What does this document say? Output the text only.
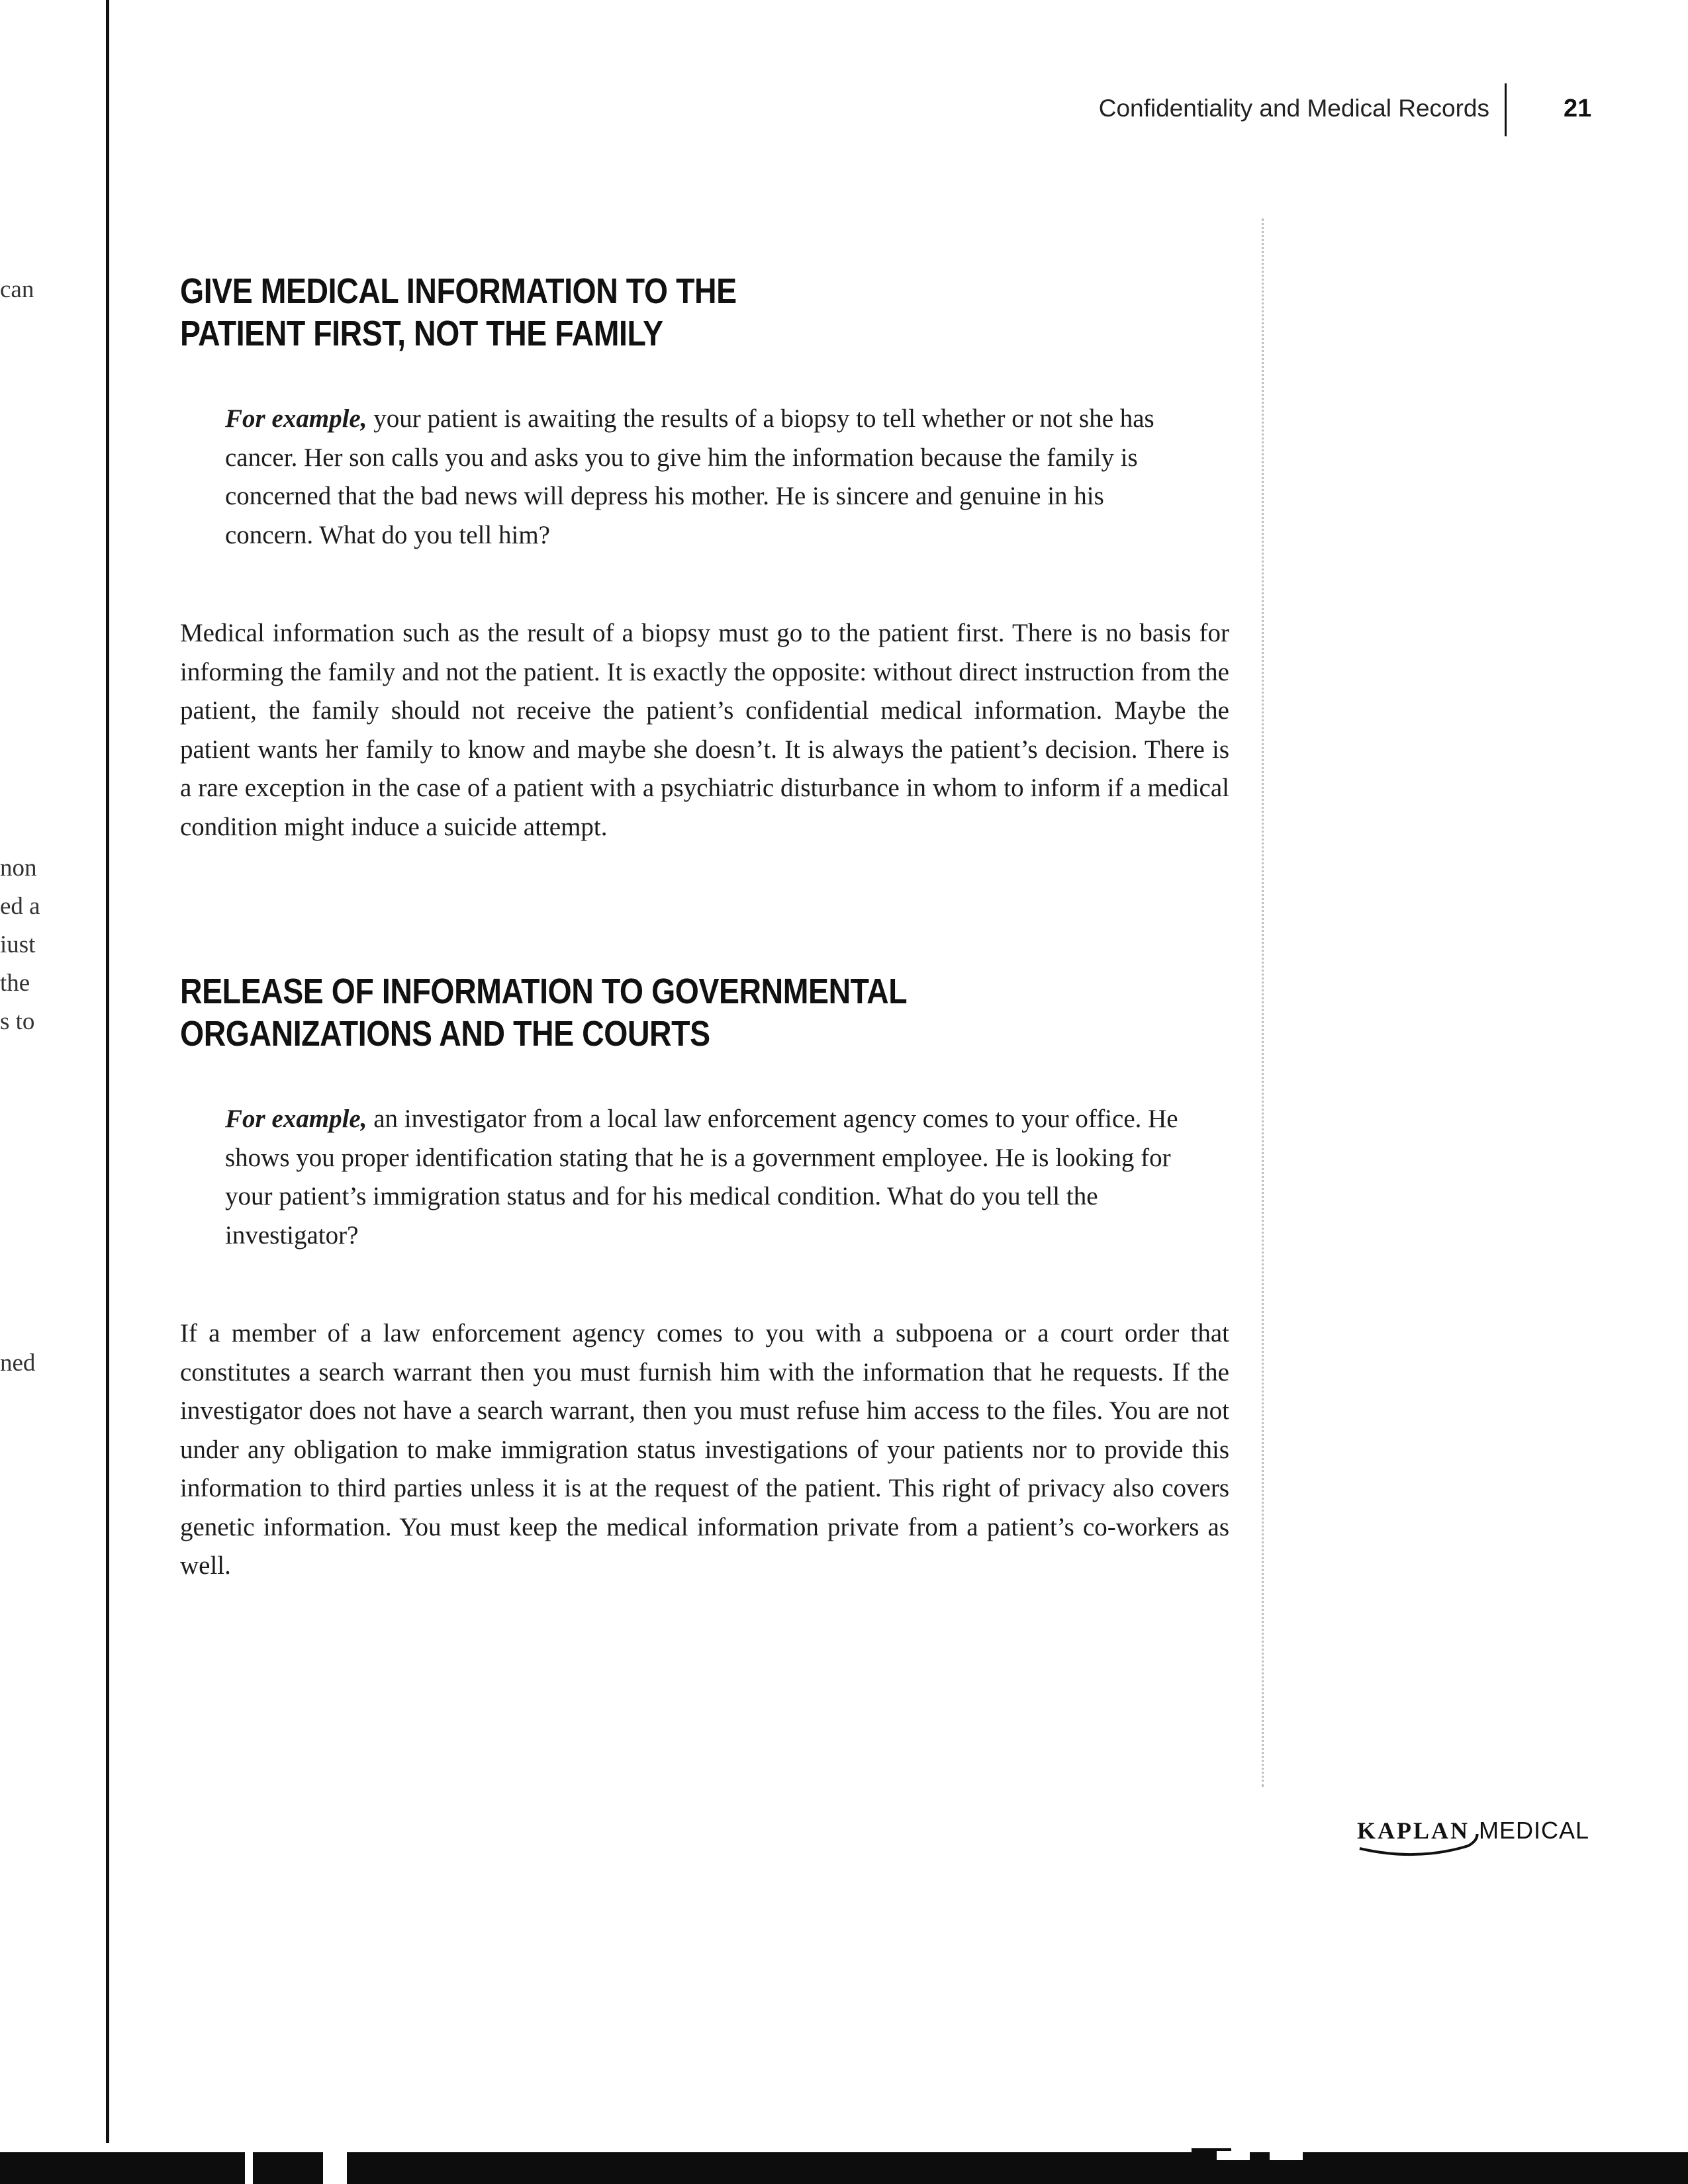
can
non
ed a
iust
the
s to
ned
Confidentiality and Medical Records	21
GIVE MEDICAL INFORMATION TO THE
PATIENT FIRST, NOT THE FAMILY

For example, your patient is awaiting the results of a biopsy to tell whether or not she has cancer. Her son calls you and asks you to give him the information because the family is concerned that the bad news will depress his mother. He is sincere and genuine in his concern. What do you tell him?

Medical information such as the result of a biopsy must go to the patient first. There is no basis for informing the family and not the patient. It is exactly the opposite: without direct instruction from the patient, the family should not receive the patient’s confidential medical information. Maybe the patient wants her family to know and maybe she doesn’t. It is always the patient’s decision. There is a rare exception in the case of a patient with a psychiatric disturbance in whom to inform if a medical condition might induce a suicide attempt.

RELEASE OF INFORMATION TO GOVERNMENTAL
ORGANIZATIONS AND THE COURTS

For example, an investigator from a local law enforcement agency comes to your office. He shows you proper identification stating that he is a government employee. He is looking for your patient’s immigration status and for his medical condition. What do you tell the investigator?

If a member of a law enforcement agency comes to you with a subpoena or a court order that constitutes a search warrant then you must furnish him with the information that he requests. If the investigator does not have a search warrant, then you must refuse him access to the files. You are not under any obligation to make immigration status investigations of your patients nor to provide this information to third parties unless it is at the request of the patient. This right of privacy also covers genetic information. You must keep the medical information private from a patient’s co-workers as well.

KAPLAN MEDICAL
